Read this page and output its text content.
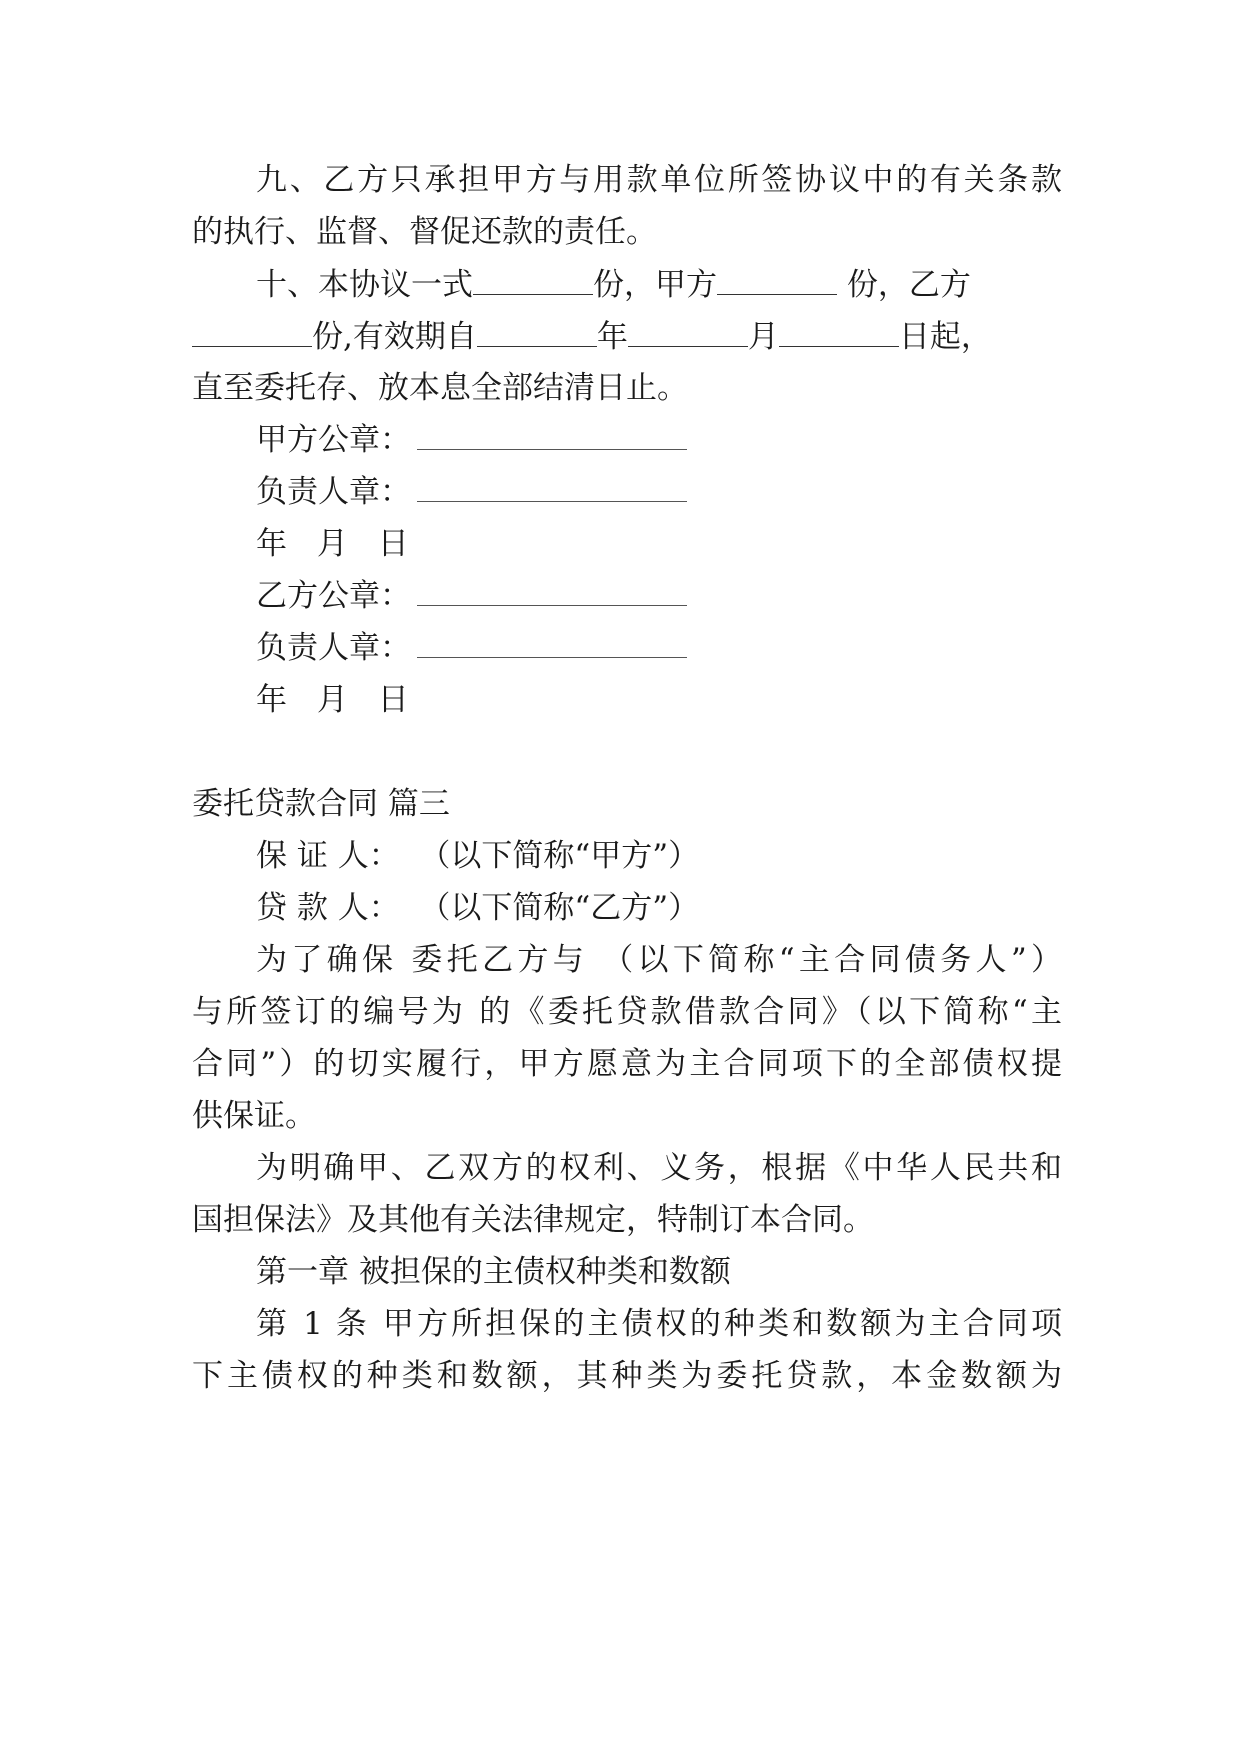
九、乙方只承担甲方与用款单位所签协议中的有关条款
的执行、监督、督促还款的责任。
十、本协议一式	份，甲方	份，乙方
份,有效期自	年	月	日起，
直至委托存、放本息全部结清日止。
甲方公章：
负责人章：
年 月 日
乙方公章：
负责人章：
年 月 日
委托贷款合同 篇三
保 证 人：  （以下简称“甲方”）
贷 款 人：  （以下简称“乙方”）
为了确保 委托乙方与 （以下简称“主合同债务人”）
与所签订的编号为 的《委托贷款借款合同》（以下简称“主
合同”）的切实履行，甲方愿意为主合同项下的全部债权提
供保证。
为明确甲、乙双方的权利、义务，根据《中华人民共和
国担保法》及其他有关法律规定，特制订本合同。
第一章 被担保的主债权种类和数额
第 1 条 甲方所担保的主债权的种类和数额为主合同项
下主债权的种类和数额，其种类为委托贷款，本金数额为
